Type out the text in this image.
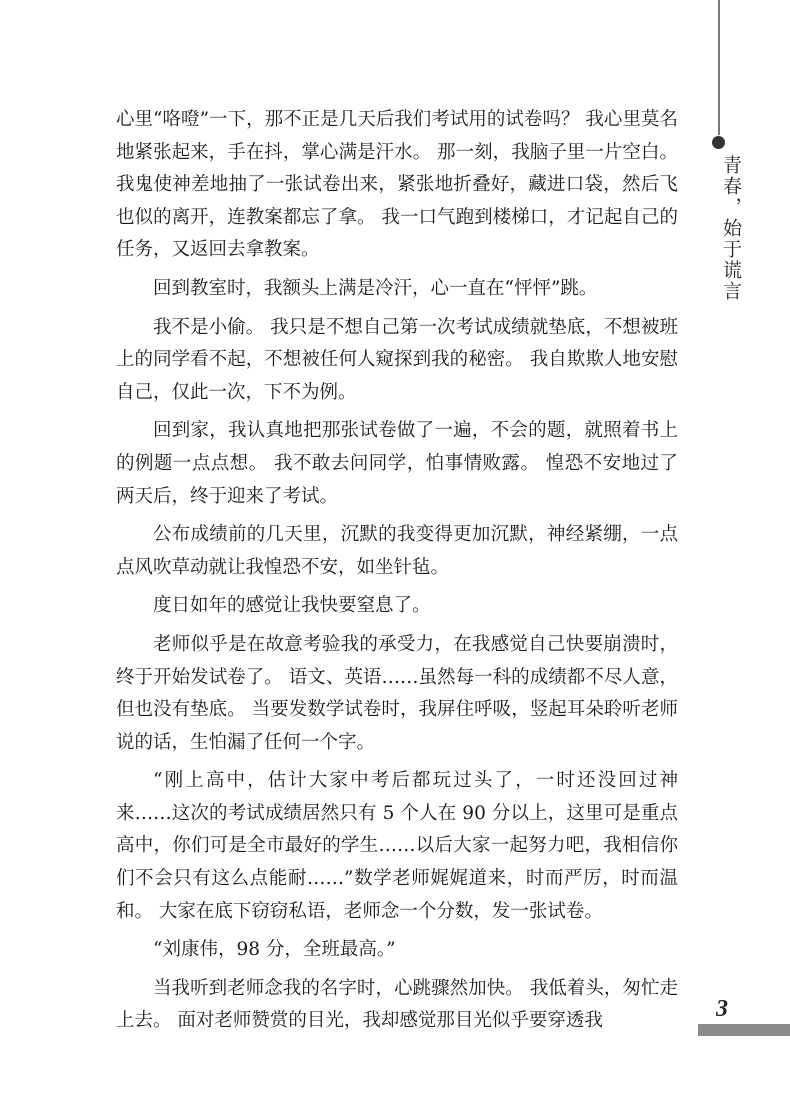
青春，始于谎言

心里“咯噔”一下，那不正是几天后我们考试用的试卷吗？ 我心里莫名地紧张起来，手在抖，掌心满是汗水。 那一刻，我脑子里一片空白。 我鬼使神差地抽了一张试卷出来，紧张地折叠好，藏进口袋，然后飞也似的离开，连教案都忘了拿。 我一口气跑到楼梯口，才记起自己的任务，又返回去拿教案。

回到教室时，我额头上满是冷汗，心一直在“怦怦”跳。

我不是小偷。 我只是不想自己第一次考试成绩就垫底，不想被班上的同学看不起，不想被任何人窥探到我的秘密。 我自欺欺人地安慰自己，仅此一次，下不为例。

回到家，我认真地把那张试卷做了一遍，不会的题，就照着书上的例题一点点想。 我不敢去问同学，怕事情败露。 惶恐不安地过了两天后，终于迎来了考试。

公布成绩前的几天里，沉默的我变得更加沉默，神经紧绷，一点点风吹草动就让我惶恐不安，如坐针毡。

度日如年的感觉让我快要窒息了。

老师似乎是在故意考验我的承受力，在我感觉自己快要崩溃时，终于开始发试卷了。 语文、英语……虽然每一科的成绩都不尽人意，但也没有垫底。 当要发数学试卷时，我屏住呼吸，竖起耳朵聆听老师说的话，生怕漏了任何一个字。

“刚上高中，估计大家中考后都玩过头了，一时还没回过神来……这次的考试成绩居然只有 5 个人在 90 分以上，这里可是重点高中，你们可是全市最好的学生……以后大家一起努力吧，我相信你们不会只有这么点能耐……”数学老师娓娓道来，时而严厉，时而温和。 大家在底下窃窃私语，老师念一个分数，发一张试卷。

“刘康伟，98 分，全班最高。”

当我听到老师念我的名字时，心跳骤然加快。 我低着头，匆忙走上去。 面对老师赞赏的目光，我却感觉那目光似乎要穿透我	3
